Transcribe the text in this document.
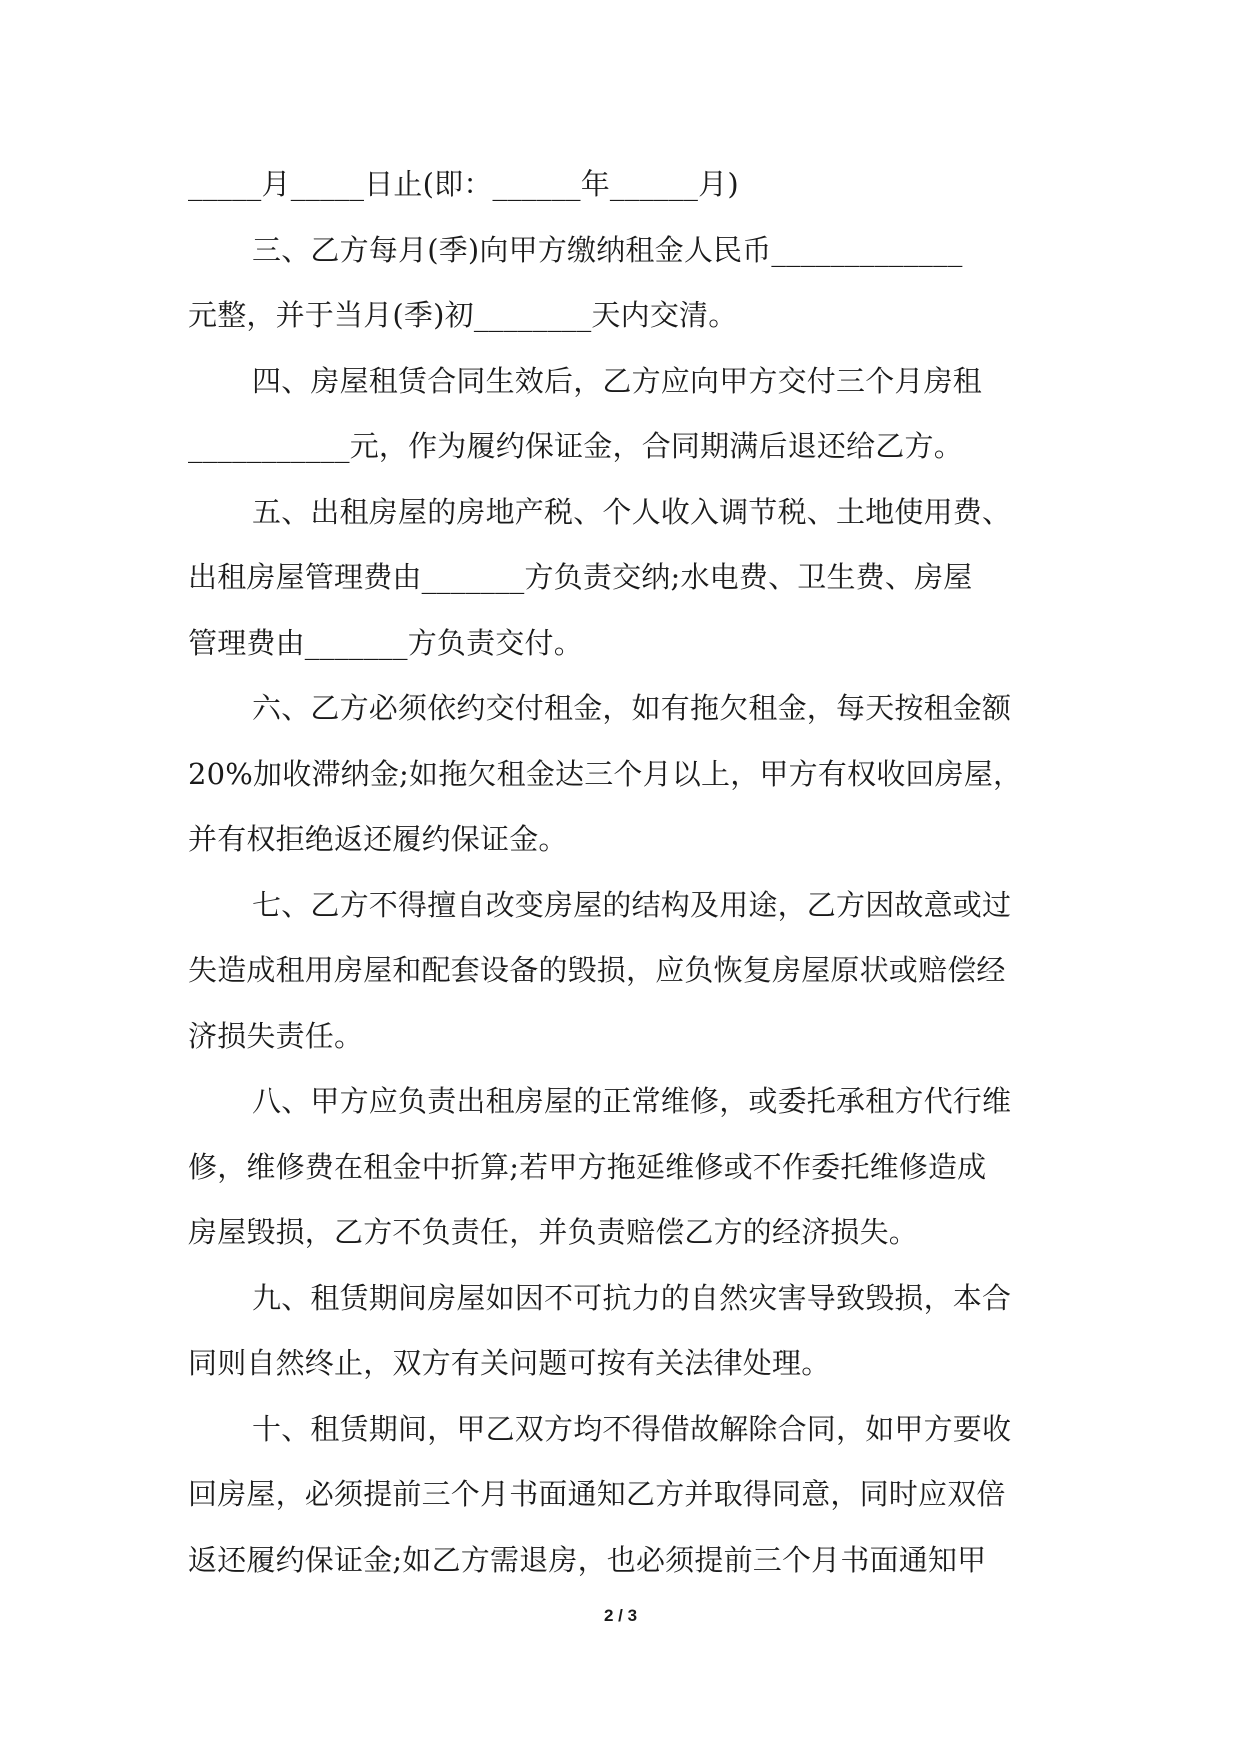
_____月_____日止(即：______年______月)
三、乙方每月(季)向甲方缴纳租金人民币_____________
元整，并于当月(季)初________天内交清。
四、房屋租赁合同生效后，乙方应向甲方交付三个月房租
___________元，作为履约保证金，合同期满后退还给乙方。
五、出租房屋的房地产税、个人收入调节税、土地使用费、
出租房屋管理费由_______方负责交纳;水电费、卫生费、房屋
管理费由_______方负责交付。
六、乙方必须依约交付租金，如有拖欠租金，每天按租金额
20%加收滞纳金;如拖欠租金达三个月以上，甲方有权收回房屋，
并有权拒绝返还履约保证金。
七、乙方不得擅自改变房屋的结构及用途，乙方因故意或过
失造成租用房屋和配套设备的毁损，应负恢复房屋原状或赔偿经
济损失责任。
八、甲方应负责出租房屋的正常维修，或委托承租方代行维
修，维修费在租金中折算;若甲方拖延维修或不作委托维修造成
房屋毁损，乙方不负责任，并负责赔偿乙方的经济损失。
九、租赁期间房屋如因不可抗力的自然灾害导致毁损，本合
同则自然终止，双方有关问题可按有关法律处理。
十、租赁期间，甲乙双方均不得借故解除合同，如甲方要收
回房屋，必须提前三个月书面通知乙方并取得同意，同时应双倍
返还履约保证金;如乙方需退房，也必须提前三个月书面通知甲
2 / 3
